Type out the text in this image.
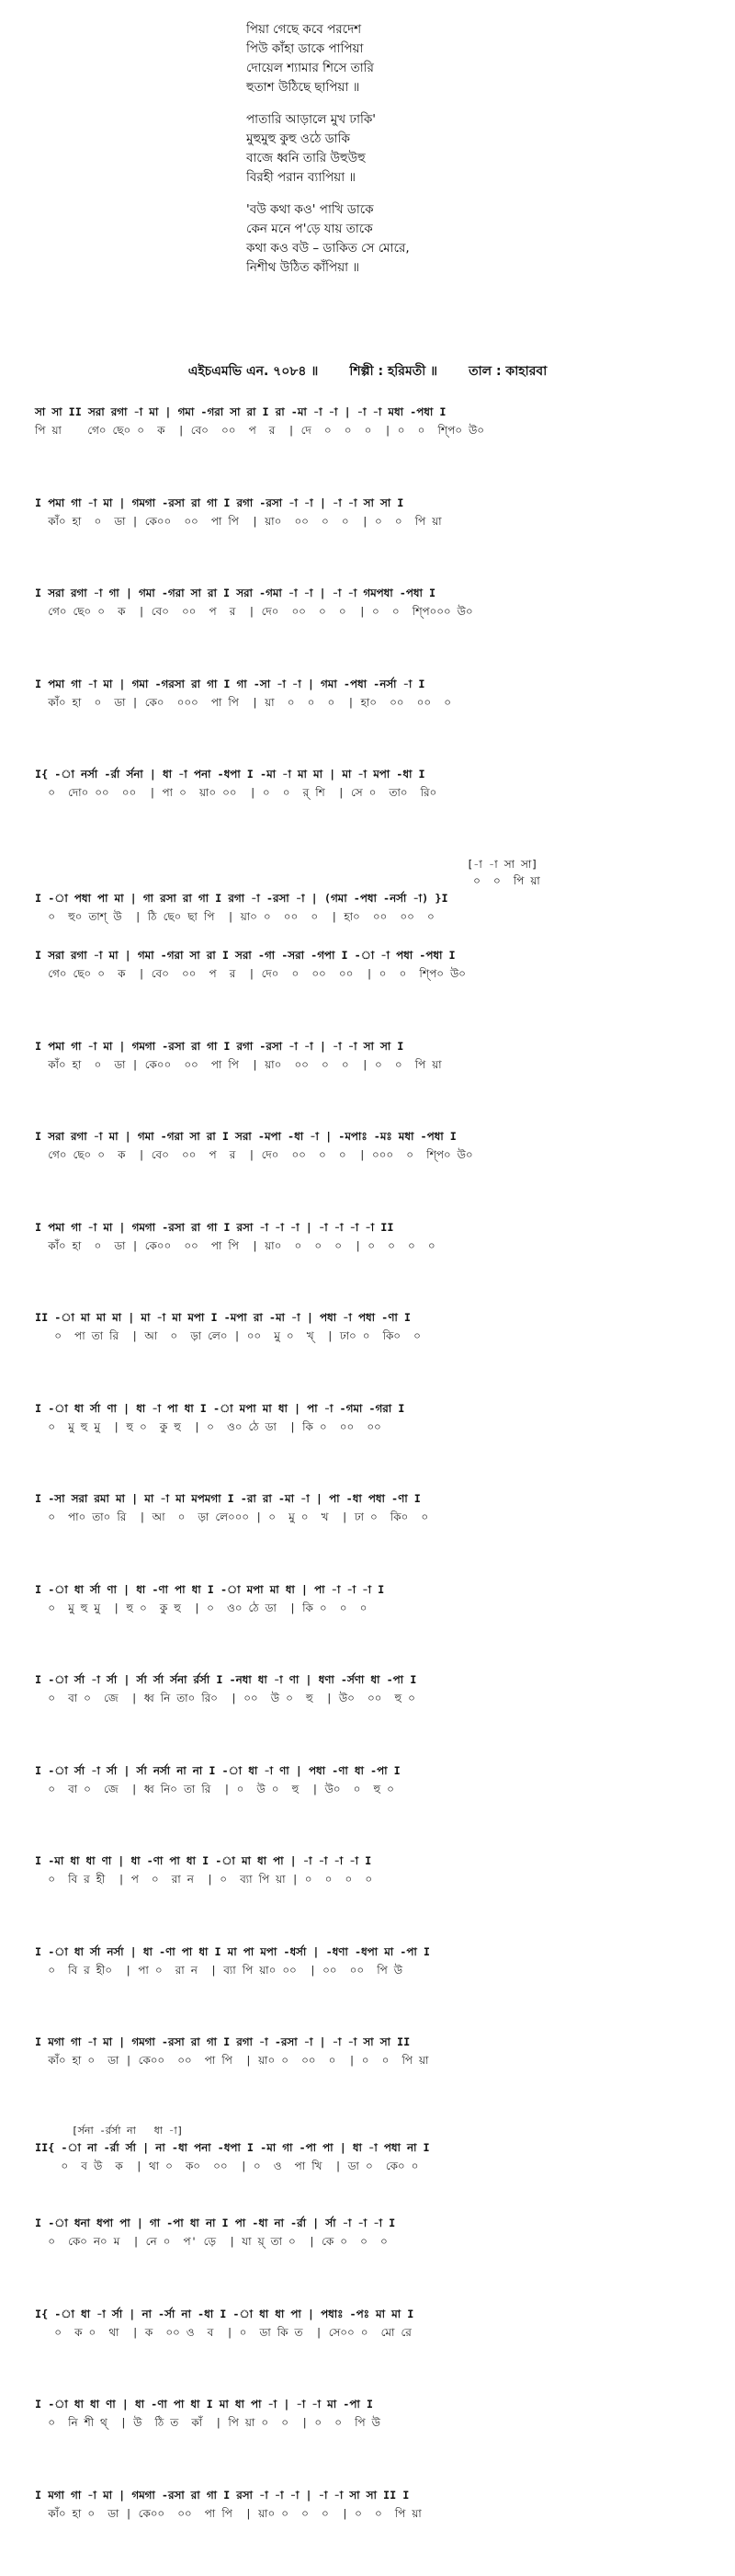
পিয়া গেছে কবে পরদেশ
পিউ কাঁহা ডাকে পাপিয়া
দোয়েল শ্যামার শিসে তারি
হুতাশ উঠিছে ছাপিয়া ॥
পাতারি আড়ালে মুখ ঢাকি'
মুহুমুহু কুহু ওঠে ডাকি
বাজে ধ্বনি তারি উহুউহু
বিরহী পরান ব্যাপিয়া ॥
'বউ কথা কও' পাখি ডাকে
কেন মনে প'ড়ে যায় তাকে
কথা কও বউ – ডাকিত সে মোরে,
নিশীথ উঠিত কাঁপিয়া ॥
এইচএমভি এন. ৭০৮৪ ॥ শিল্পী : হরিমতী ॥ তাল : কাহারবা
সা সা II সরা রগা -া মা | গমা -গরা সা রা I রা -মা -া -া | -া -া মধা -পধা I
পি য়া    গে০ ছে০ ০  ক  | বে০  ০০  প  র  | দে  ০  ০  ০  | ০  ০  শ্পি০ উ০
I পমা গা -া মা | গমগা -রসা রা গা I রগা -রসা -া -া | -া -া সা সা I
কাঁ০ হা  ০  ডা | কে০০  ০০  পা পি  | য়া০  ০০  ০  ০  | ০  ০  পি য়া
I সরা রগা -া গা | গমা -গরা সা রা I সরা -গমা -া -া | -া -া গমপধা -পধা I
গে০ ছে০ ০  ক  | বে০  ০০  প  র  | দে০  ০০  ০  ০  | ০  ০  শ্পি০০০ উ০
I পমা গা -া মা | গমা -গরসা রা গা I গা -সা -া -া | গমা -পধা -নর্সা -া I
কাঁ০ হা  ০  ডা | কে০  ০০০  পা পি  | য়া  ০  ০  ০  | হা০  ০০  ০০  ০
I{ -া নর্সা -র্রা র্সনা | ধা -া পনা -ধপা I -মা -া মা মা | মা -া মপা -ধা I
০  দো০ ০০  ০০  | পা ০  য়া০ ০০  | ০  ০  র্ শি  | সে ০  তা০  রি০
[-া -া সা সা]
০  ০  পি য়া
I -া পধা পা মা | গা রসা রা গা I রগা -া -রসা -া | (গমা -পধা -নর্সা -া) }I
০  হু০ তাশ্ উ  | ঠি ছে০ ছা পি  | য়া০ ০  ০০  ০  | হা০  ০০  ০০  ০
I সরা রগা -া মা | গমা -গরা সা রা I সরা -গা -সরা -গপা I -া -া পধা -পধা I
গে০ ছে০ ০  ক  | বে০  ০০  প  র  | দে০  ০  ০০  ০০  | ০  ০  শ্পি০ উ০
I পমা গা -া মা | গমগা -রসা রা গা I রগা -রসা -া -া | -া -া সা সা I
কাঁ০ হা  ০  ডা | কে০০  ০০  পা পি  | য়া০  ০০  ০  ০  | ০  ০  পি য়া
I সরা রগা -া মা | গমা -গরা সা রা I সরা -মপা -ধা -া | -মপাঃ -মঃ মধা -পধা I
গে০ ছে০ ০  ক  | বে০  ০০  প  র  | দে০  ০০  ০  ০  | ০০০  ০  শ্পি০ উ০
I পমা গা -া মা | গমগা -রসা রা গা I রসা -া -া -া | -া -া -া -া II
কাঁ০ হা  ০  ডা | কে০০  ০০  পা পি  | য়া০  ০  ০  ০  | ০  ০  ০  ০
II -া মা মা মা | মা -া মা মপা I -মপা রা -মা -া | পধা -া পধা -ণা I
০  পা তা রি  | আ  ০  ড়া লে০ | ০০  মু ০  খ্  | ঢা০ ০  কি০  ০
I -া ধা র্সা ণা | ধা -া পা ধা I -া মপা মা ধা | পা -া -গমা -গরা I
০  মু হু মু  | হু ০  কু হু  | ০  ও০ ঠে ডা  | কি ০  ০০  ০০
I -সা সরা রমা মা | মা -া মা মপমগা I -রা রা -মা -া | পা -ধা পধা -ণা I
০  পা০ তা০ রি  | আ  ০  ড়া লে০০০ | ০  মু ০  খ  | ঢা ০  কি০  ০
I -া ধা র্সা ণা | ধা -ণা পা ধা I -া মপা মা ধা | পা -া -া -া I
০  মু হু মু  | হু ০  কু হু  | ০  ও০ ঠে ডা  | কি ০  ০  ০
I -া র্সা -া র্সা | র্সা র্সা র্সনা র্রর্সা I -নধা ধা -া ণা | ধণা -র্সণা ধা -পা I
০  বা ০  জে  | ধ্ব নি তা০ রি০  | ০০  উ ০  হু  | উ০  ০০  হু ০
I -া র্সা -া র্সা | র্সা নর্সা না না I -া ধা -া ণা | পধা -ণা ধা -পা I
০  বা ০  জে  | ধ্ব নি০ তা রি  | ০  উ ০  হু  | উ০  ০  হু ০
I -মা ধা ধা ণা | ধা -ণা পা ধা I -া মা ধা পা | -া -া -া -া I
০  বি র হী  | প  ০  রা ন  | ০  ব্যা পি য়া | ০  ০  ০  ০
I -া ধা র্সা নর্সা | ধা -ণা পা ধা I মা পা মপা -ধর্সা | -ধণা -ধপা মা -পা I
০  বি র হী০  | পা ০  রা ন  | ব্যা পি য়া০ ০০  | ০০  ০০  পি উ
I মগা গা -া মা | গমগা -রসা রা গা I রগা -া -রসা -া | -া -া সা সা II
কাঁ০ হা ০  ডা | কে০০  ০০  পা পি  | য়া০ ০  ০০  ০  | ০  ০  পি য়া
[র্সনা -র্রর্সা না   ধা -া]
II{ -া না -র্রা র্সা | না -ধা পনা -ধপা I -মা গা -পা পা | ধা -া পধা না I
০  ব উ  ক  | থা ০  ক০  ০০  | ০  ও  পা খি  | ডা ০  কে০ ০
I -া ধনা ধপা পা | গা -পা ধা না I পা -ধা না -র্রা | র্সা -া -া -া I
০  কে০ ন০ ম  | নে ০  প' ড়ে  | যা য়্ তা ০  | কে ০  ০  ০
I{ -া ধা -া র্সা | না -র্সা না -ধা I -া ধা ধা পা | পধাঃ -পঃ মা মা I
০  ক ০  থা  | ক  ০০ ও  ব  | ০  ডা কি ত  | সে০০ ০  মো রে
I -া ধা ধা ণা | ধা -ণা পা ধা I মা ধা পা -া | -া -া মা -পা I
০  নি শী থ্  | উ  ঠি ত  কাঁ  | পি য়া ০  ০  | ০  ০  পি উ
I মগা গা -া মা | গমগা -রসা রা গা I রসা -া -া -া | -া -া সা সা II I
কাঁ০ হা ০  ডা | কে০০  ০০  পা পি  | য়া০ ০  ০  ০  | ০  ০  পি য়া
